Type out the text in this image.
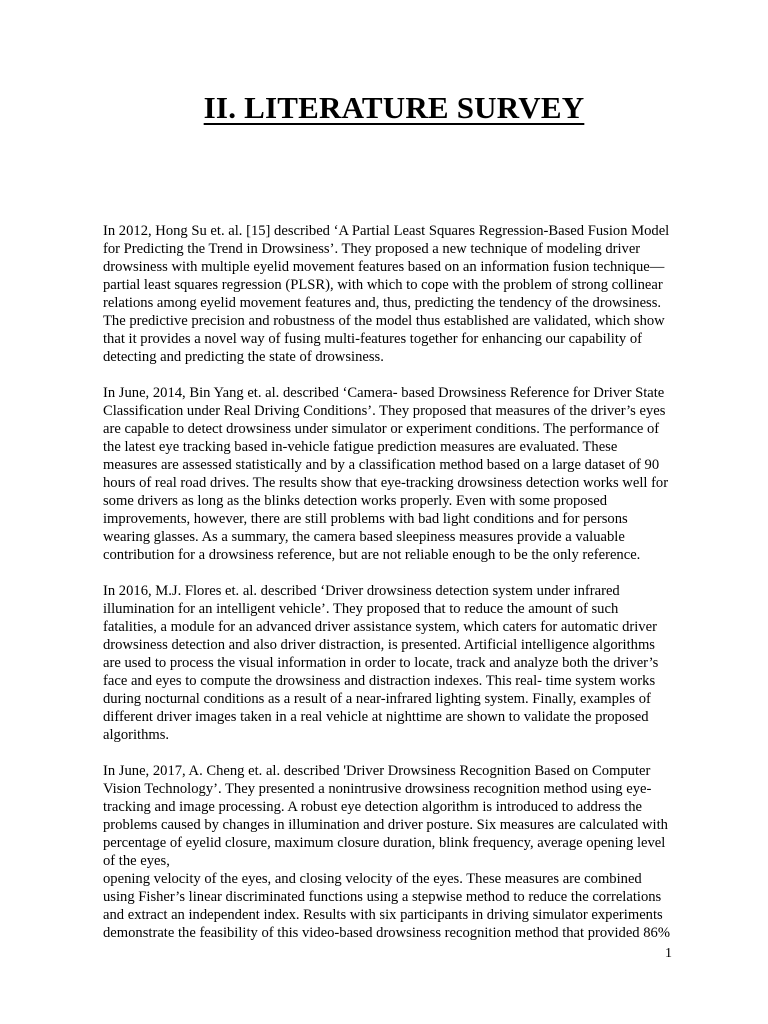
II. LITERATURE SURVEY
In 2012, Hong Su et. al. [15] described ‘A Partial Least Squares Regression-Based Fusion Model
for Predicting the Trend in Drowsiness’. They proposed a new technique of modeling driver
drowsiness with multiple eyelid movement features based on an information fusion technique—
partial least squares regression (PLSR), with which to cope with the problem of strong collinear
relations among eyelid movement features and, thus, predicting the tendency of the drowsiness.
The predictive precision and robustness of the model thus established are validated, which show
that it provides a novel way of fusing multi-features together for enhancing our capability of
detecting and predicting the state of drowsiness.
In June, 2014, Bin Yang et. al. described ‘Camera- based Drowsiness Reference for Driver State
Classification under Real Driving Conditions’. They proposed that measures of the driver’s eyes
are capable to detect drowsiness under simulator or experiment conditions. The performance of
the latest eye tracking based in-vehicle fatigue prediction measures are evaluated. These
measures are assessed statistically and by a classification method based on a large dataset of 90
hours of real road drives. The results show that eye-tracking drowsiness detection works well for
some drivers as long as the blinks detection works properly. Even with some proposed
improvements, however, there are still problems with bad light conditions and for persons
wearing glasses. As a summary, the camera based sleepiness measures provide a valuable
contribution for a drowsiness reference, but are not reliable enough to be the only reference.
In 2016, M.J. Flores et. al. described ‘Driver drowsiness detection system under infrared
illumination for an intelligent vehicle’. They proposed that to reduce the amount of such
fatalities, a module for an advanced driver assistance system, which caters for automatic driver
drowsiness detection and also driver distraction, is presented. Artificial intelligence algorithms
are used to process the visual information in order to locate, track and analyze both the driver’s
face and eyes to compute the drowsiness and distraction indexes. This real- time system works
during nocturnal conditions as a result of a near-infrared lighting system. Finally, examples of
different driver images taken in a real vehicle at nighttime are shown to validate the proposed
algorithms.
In June, 2017, A. Cheng et. al. described 'Driver Drowsiness Recognition Based on Computer
Vision Technology’. They presented a nonintrusive drowsiness recognition method using eye-
tracking and image processing. A robust eye detection algorithm is introduced to address the
problems caused by changes in illumination and driver posture. Six measures are calculated with
percentage of eyelid closure, maximum closure duration, blink frequency, average opening level
of the eyes,
opening velocity of the eyes, and closing velocity of the eyes. These measures are combined
using Fisher’s linear discriminated functions using a stepwise method to reduce the correlations
and extract an independent index. Results with six participants in driving simulator experiments
demonstrate the feasibility of this video-based drowsiness recognition method that provided 86%
1
